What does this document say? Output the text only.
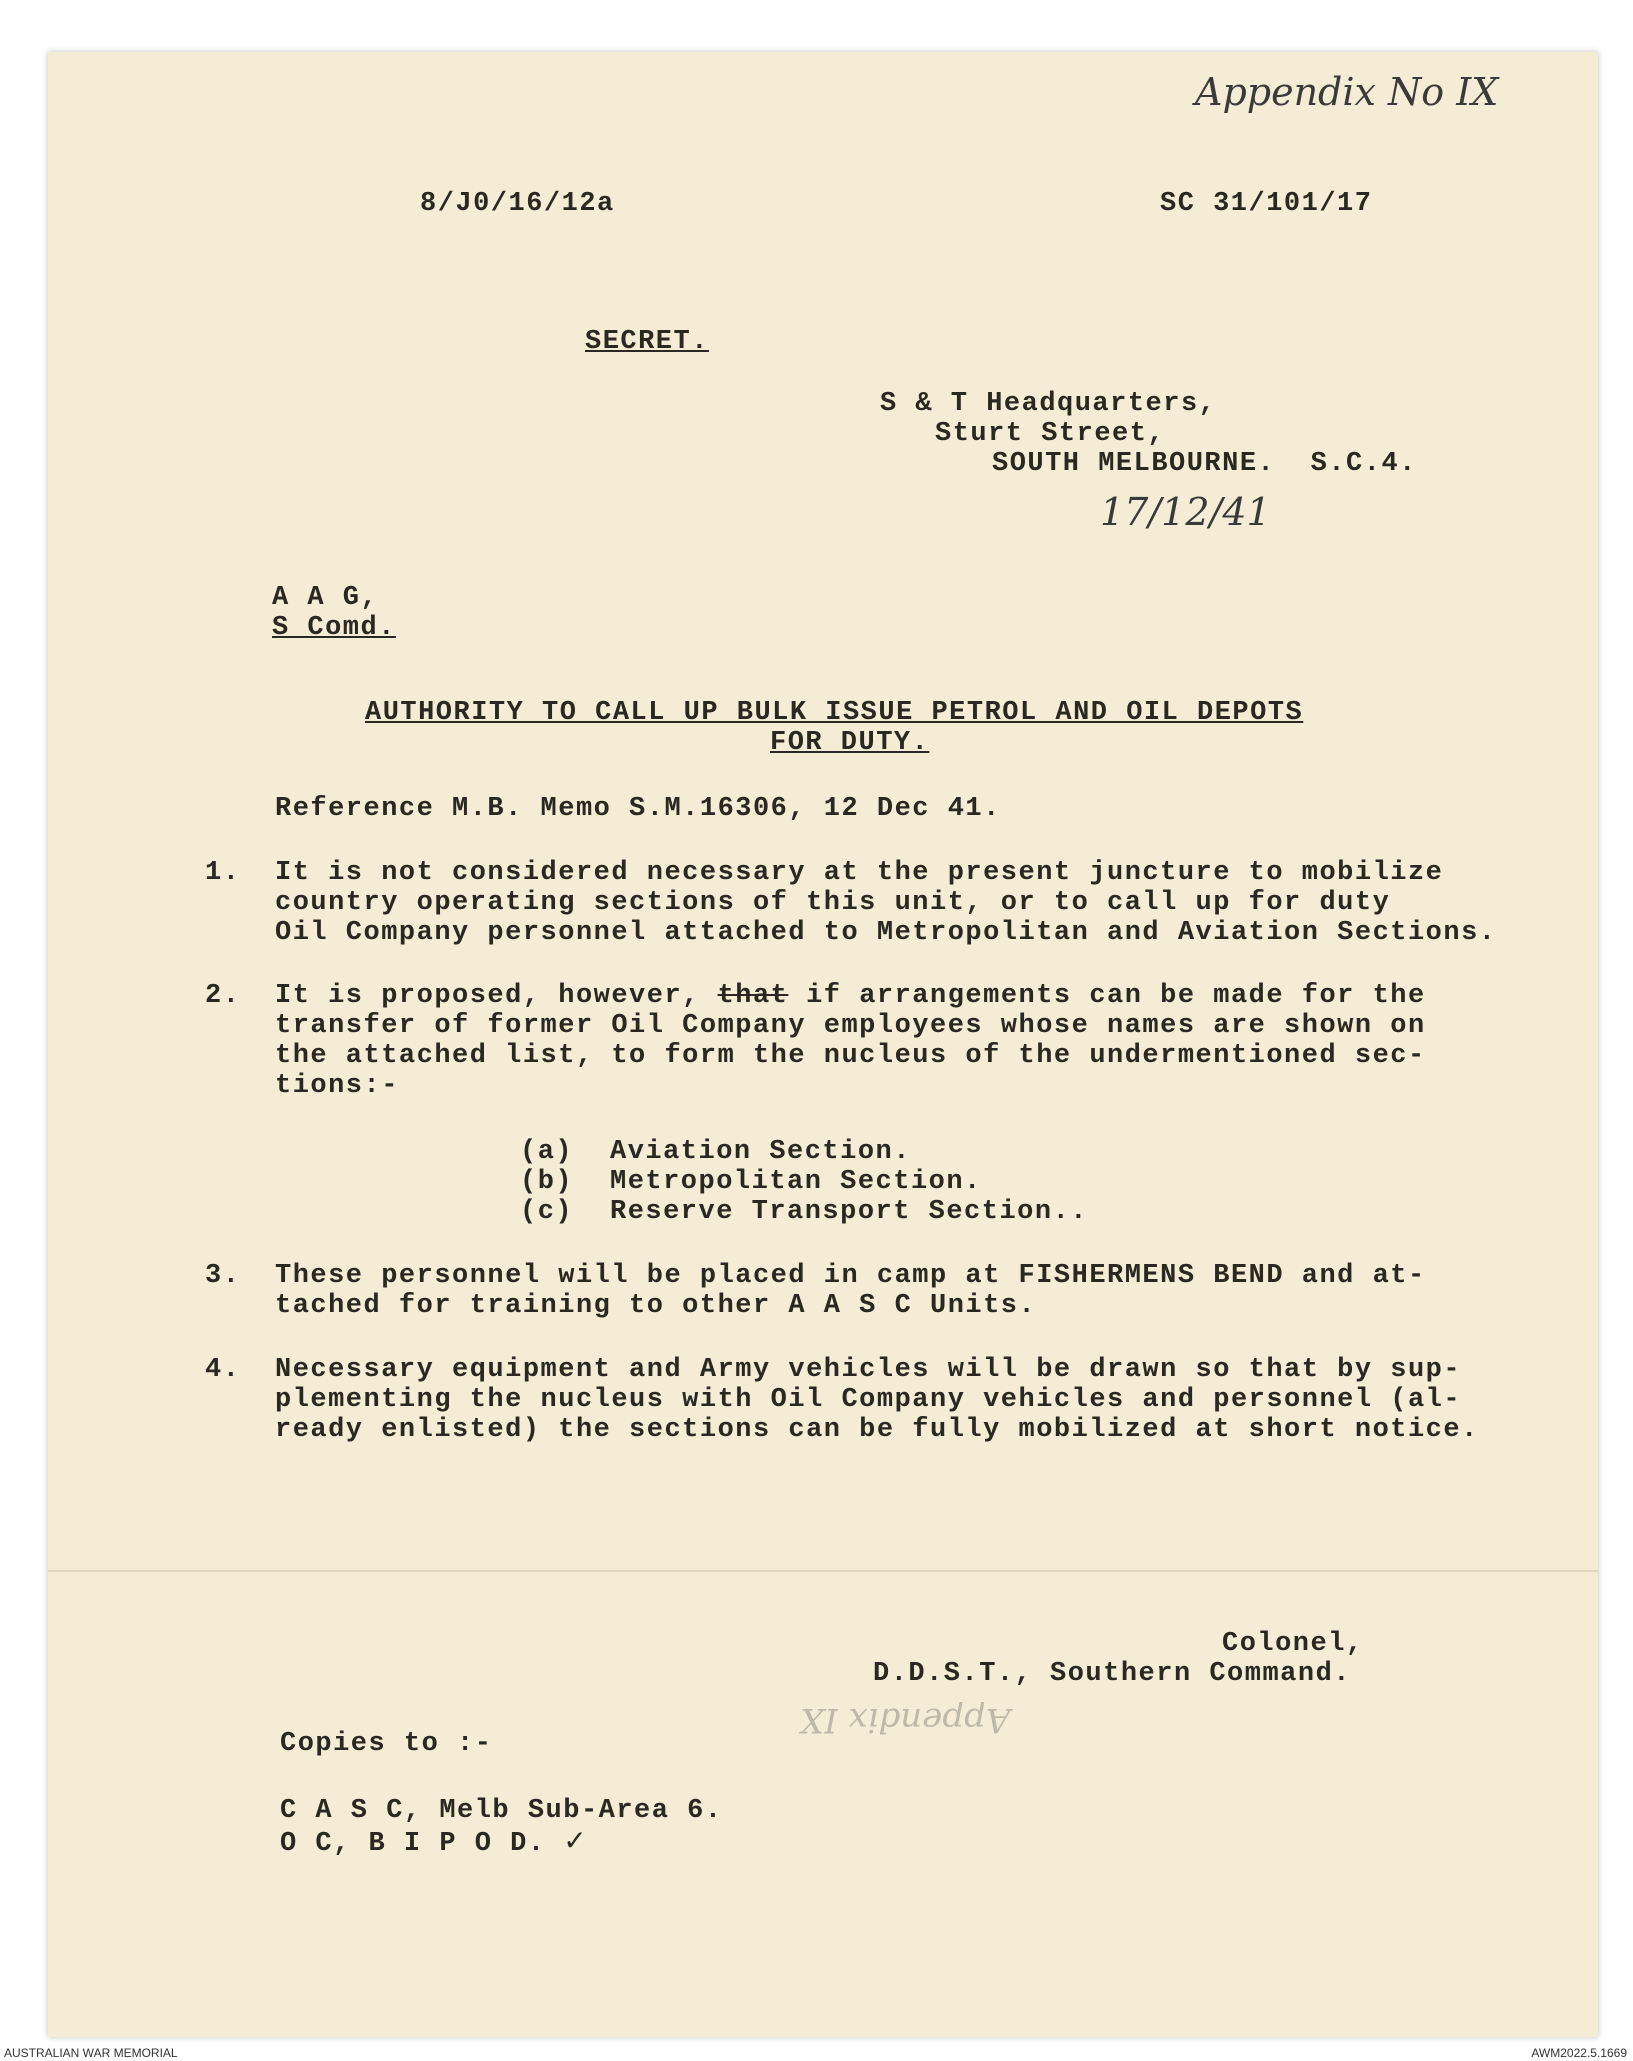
Appendix No IX
8/J0/16/12a	SC 31/101/17
SECRET.
S & T Headquarters,
Sturt Street,
SOUTH MELBOURNE.  S.C.4.
17/12/41
A A G,
S Comd.
AUTHORITY TO CALL UP BULK ISSUE PETROL AND OIL DEPOTS
FOR DUTY.
Reference M.B. Memo S.M.16306, 12 Dec 41.
1. It is not considered necessary at the present juncture to mobilize
country operating sections of this unit, or to call up for duty
Oil Company personnel attached to Metropolitan and Aviation Sections.
2. It is proposed, however, that if arrangements can be made for the
transfer of former Oil Company employees whose names are shown on
the attached list, to form the nucleus of the undermentioned sec-
tions:-
(a) Aviation Section.
(b) Metropolitan Section.
(c) Reserve Transport Section..
3. These personnel will be placed in camp at FISHERMENS BEND and at-
tached for training to other A A S C Units.
4. Necessary equipment and Army vehicles will be drawn so that by sup-
plementing the nucleus with Oil Company vehicles and personnel (al-
ready enlisted) the sections can be fully mobilized at short notice.
Colonel,
D.D.S.T., Southern Command.
Appendix IX
Copies to :-
C A S C, Melb Sub-Area 6.
O C, B I P O D. ✓
AUSTRALIAN WAR MEMORIAL	AWM2022.5.1669
